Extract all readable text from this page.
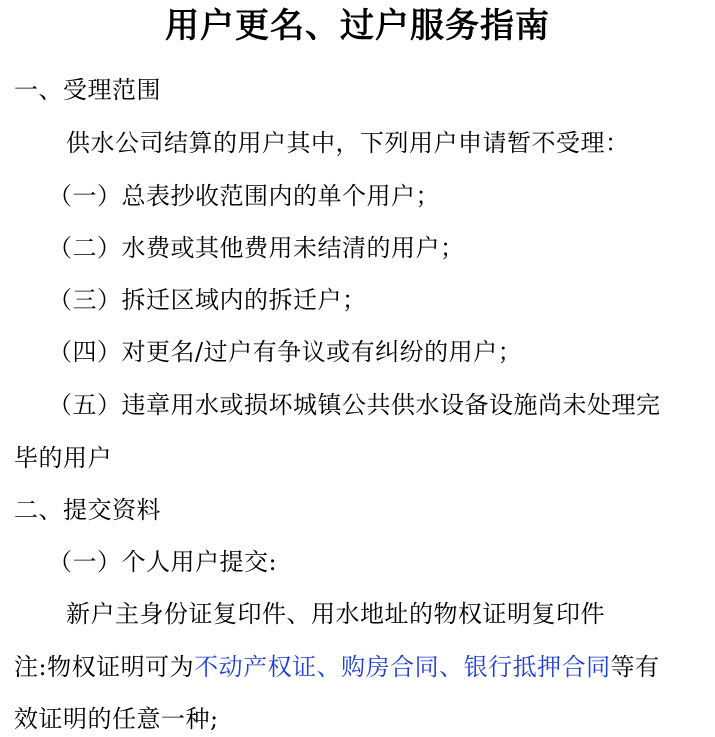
用户更名、过户服务指南
一、受理范围
供水公司结算的用户其中，下列用户申请暂不受理：
（一）总表抄收范围内的单个用户；
（二）水费或其他费用未结清的用户；
（三）拆迁区域内的拆迁户；
（四）对更名/过户有争议或有纠纷的用户；
（五）违章用水或损坏城镇公共供水设备设施尚未处理完
毕的用户
二、提交资料
（一）个人用户提交:
新户主身份证复印件、用水地址的物权证明复印件
注:物权证明可为不动产权证、购房合同、银行抵押合同等有
效证明的任意一种;
